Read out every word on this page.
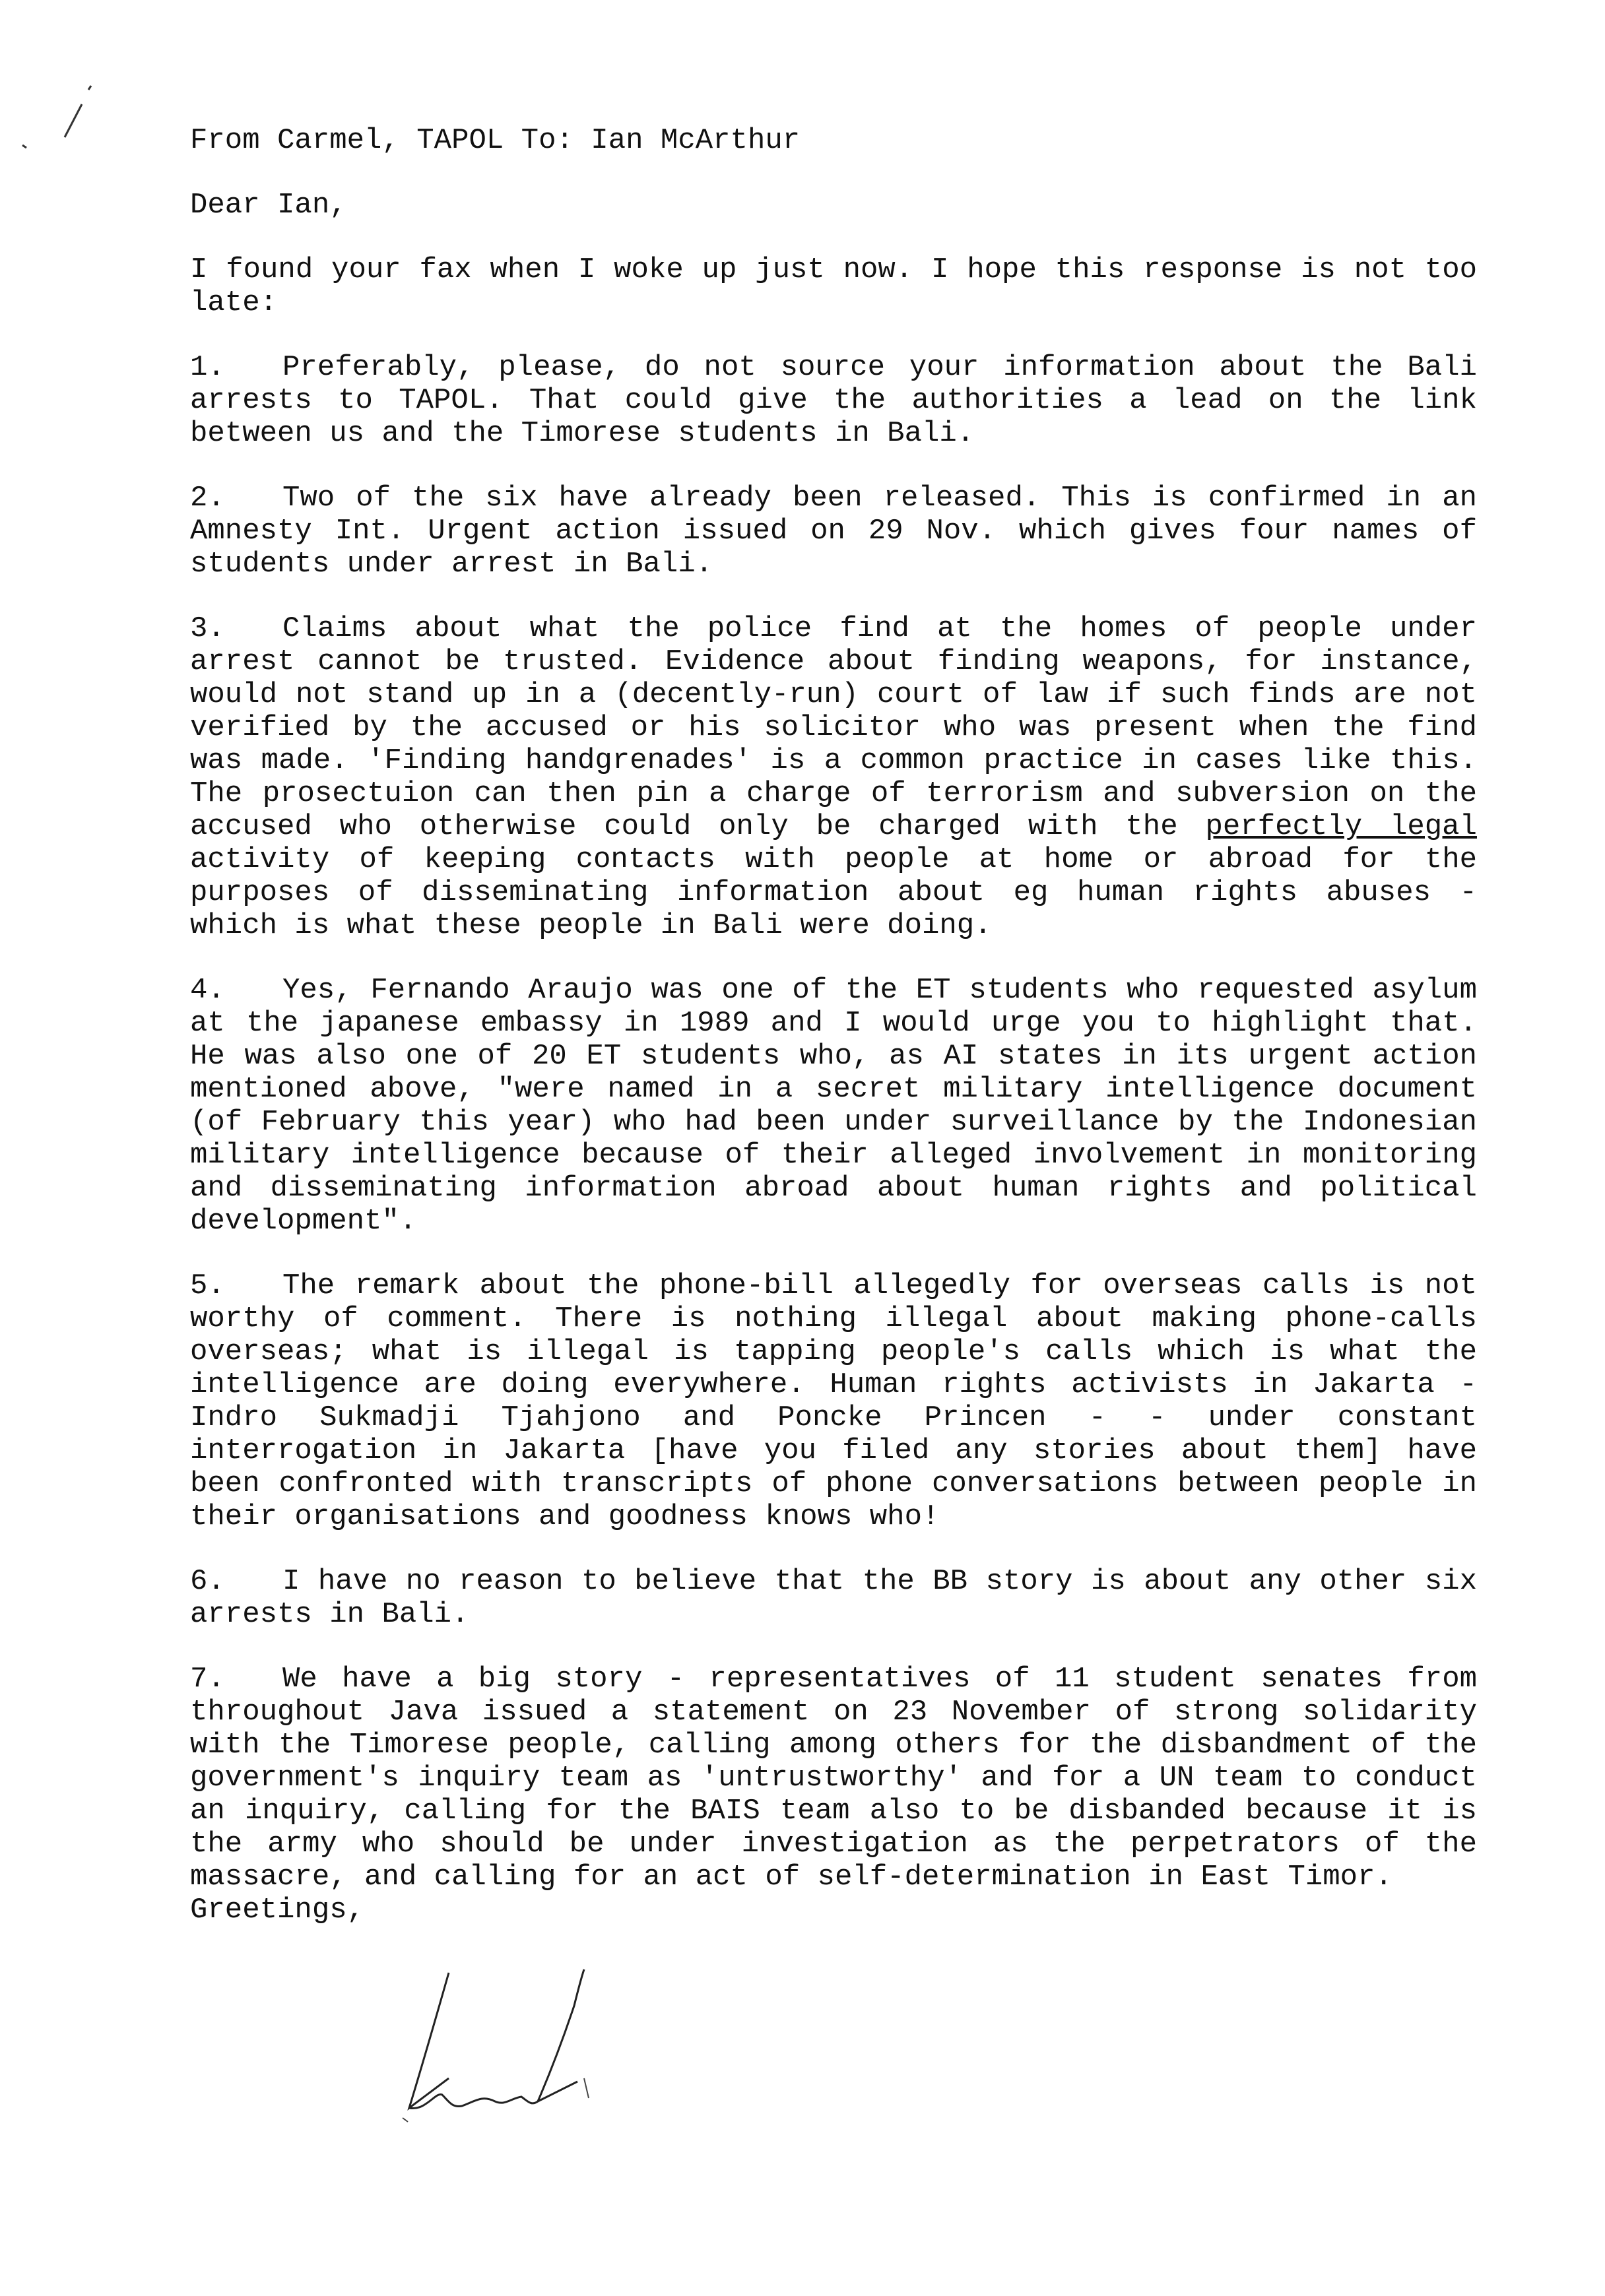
From Carmel, TAPOL To: Ian McArthur
Dear Ian,

I found your fax when I woke up just now. I hope this response is not too late:

1. Preferably, please, do not source your information about the Bali arrests to TAPOL. That could give the authorities a lead on the link between us and the Timorese students in Bali.

2. Two of the six have already been released. This is confirmed in an Amnesty Int. Urgent action issued on 29 Nov. which gives four names of students under arrest in Bali.

3. Claims about what the police find at the homes of people under arrest cannot be trusted. Evidence about finding weapons, for instance, would not stand up in a (decently-run) court of law if such finds are not verified by the accused or his solicitor who was present when the find was made. 'Finding handgrenades' is a common practice in cases like this. The prosectuion can then pin a charge of terrorism and subversion on the accused who otherwise could only be charged with the perfectly legal activity of keeping contacts with people at home or abroad for the purposes of disseminating information about eg human rights abuses - which is what these people in Bali were doing.

4. Yes, Fernando Araujo was one of the ET students who requested asylum at the japanese embassy in 1989 and I would urge you to highlight that. He was also one of 20 ET students who, as AI states in its urgent action mentioned above, "were named in a secret military intelligence document (of February this year) who had been under surveillance by the Indonesian military intelligence because of their alleged involvement in monitoring and disseminating information abroad about human rights and political development".

5. The remark about the phone-bill allegedly for overseas calls is not worthy of comment. There is nothing illegal about making phone-calls overseas; what is illegal is tapping people's calls which is what the intelligence are doing everywhere. Human rights activists in Jakarta - Indro Sukmadji Tjahjono and Poncke Princen - - under constant interrogation in Jakarta [have you filed any stories about them] have been confronted with transcripts of phone conversations between people in their organisations and goodness knows who!

6. I have no reason to believe that the BB story is about any other six arrests in Bali.

7. We have a big story - representatives of 11 student senates from throughout Java issued a statement on 23 November of strong solidarity with the Timorese people, calling among others for the disbandment of the government's inquiry team as 'untrustworthy' and for a UN team to conduct an inquiry, calling for the BAIS team also to be disbanded because it is the army who should be under investigation as the perpetrators of the massacre, and calling for an act of self-determination in East Timor.

Greetings,
